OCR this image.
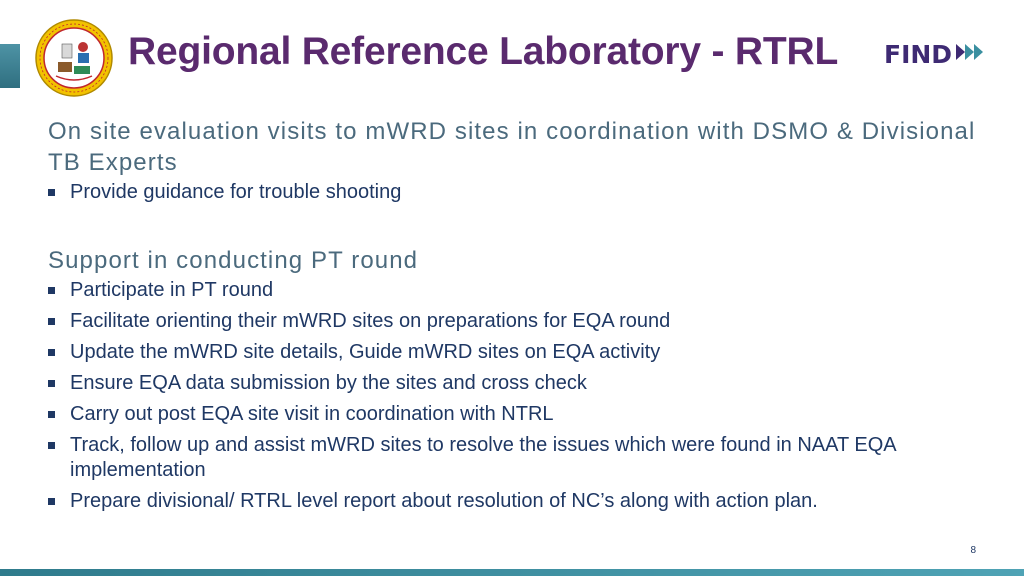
Regional Reference Laboratory - RTRL FIND
On site evaluation visits to mWRD sites in coordination with DSMO & Divisional TB Experts
Provide guidance for trouble shooting
Support in conducting PT round
Participate in PT round
Facilitate orienting their mWRD sites on preparations for EQA round
Update the mWRD site details, Guide mWRD sites on EQA activity
Ensure EQA data submission by the sites and cross check
Carry out post EQA site visit in coordination with NTRL
Track, follow up and assist mWRD sites to resolve the issues which were found in NAAT EQA implementation
Prepare divisional/ RTRL level report about resolution of NC’s along with action plan.
8
